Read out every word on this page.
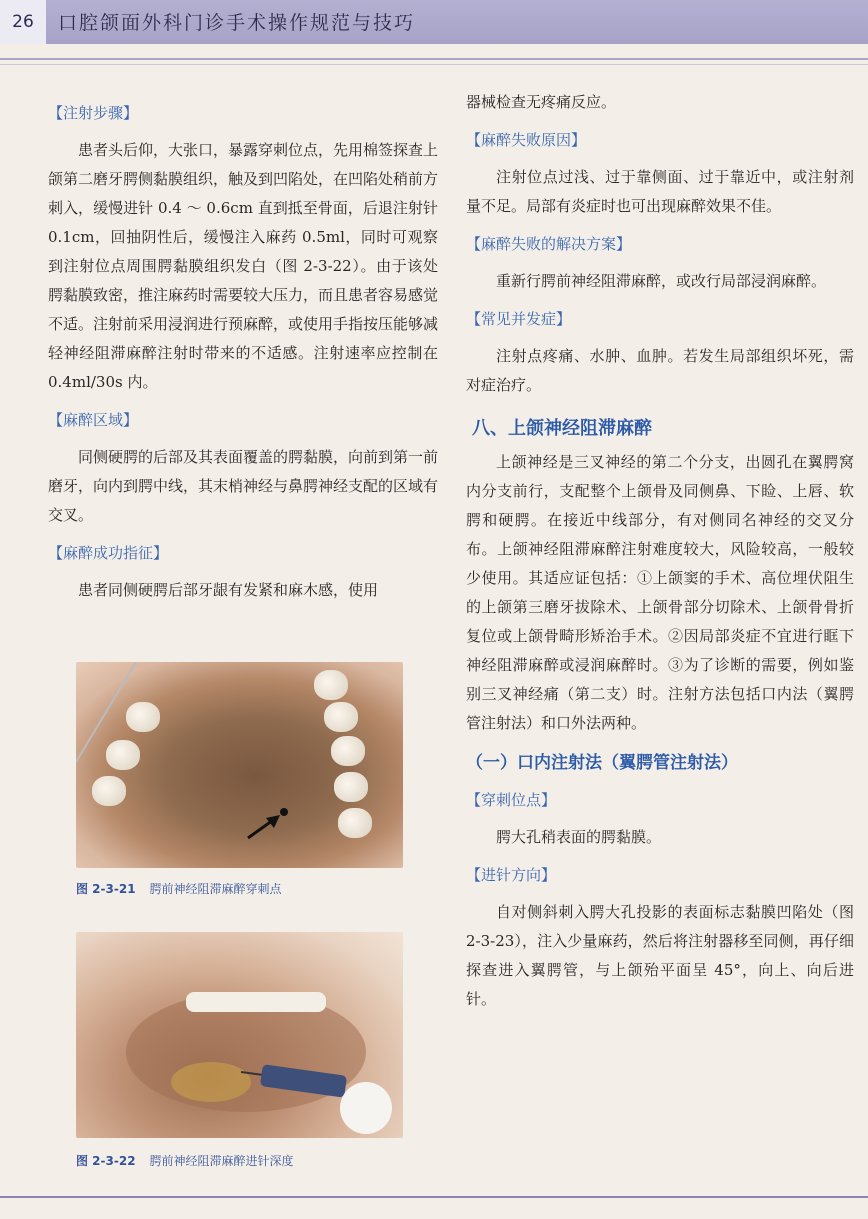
26	口腔颌面外科门诊手术操作规范与技巧
【注射步骤】

患者头后仰，大张口，暴露穿刺位点，先用棉签探查上颌第二磨牙腭侧黏膜组织，触及到凹陷处，在凹陷处稍前方刺入，缓慢进针 0.4 ～ 0.6cm 直到抵至骨面，后退注射针 0.1cm，回抽阴性后，缓慢注入麻药 0.5ml，同时可观察到注射位点周围腭黏膜组织发白（图 2-3-22）。由于该处腭黏膜致密，推注麻药时需要较大压力，而且患者容易感觉不适。注射前采用浸润进行预麻醉，或使用手指按压能够减轻神经阻滞麻醉注射时带来的不适感。注射速率应控制在 0.4ml/30s 内。

【麻醉区域】

同侧硬腭的后部及其表面覆盖的腭黏膜，向前到第一前磨牙，向内到腭中线，其末梢神经与鼻腭神经支配的区域有交叉。

【麻醉成功指征】

患者同侧硬腭后部牙龈有发紧和麻木感，使用

图 2-3-21 腭前神经阻滞麻醉穿刺点
图 2-3-22 腭前神经阻滞麻醉进针深度

器械检查无疼痛反应。

【麻醉失败原因】

注射位点过浅、过于靠侧面、过于靠近中，或注射剂量不足。局部有炎症时也可出现麻醉效果不佳。

【麻醉失败的解决方案】

重新行腭前神经阻滞麻醉，或改行局部浸润麻醉。

【常见并发症】

注射点疼痛、水肿、血肿。若发生局部组织坏死，需对症治疗。

八、上颌神经阻滞麻醉

上颌神经是三叉神经的第二个分支，出圆孔在翼腭窝内分支前行，支配整个上颌骨及同侧鼻、下睑、上唇、软腭和硬腭。在接近中线部分，有对侧同名神经的交叉分布。上颌神经阻滞麻醉注射难度较大，风险较高，一般较少使用。其适应证包括：①上颌窦的手术、高位埋伏阻生的上颌第三磨牙拔除术、上颌骨部分切除术、上颌骨骨折复位或上颌骨畸形矫治手术。②因局部炎症不宜进行眶下神经阻滞麻醉或浸润麻醉时。③为了诊断的需要，例如鉴别三叉神经痛（第二支）时。注射方法包括口内法（翼腭管注射法）和口外法两种。

（一）口内注射法（翼腭管注射法）
【穿刺位点】

腭大孔稍表面的腭黏膜。

【进针方向】

自对侧斜刺入腭大孔投影的表面标志黏膜凹陷处（图 2-3-23），注入少量麻药，然后将注射器移至同侧，再仔细探查进入翼腭管，与上颌殆平面呈 45°，向上、向后进针。
